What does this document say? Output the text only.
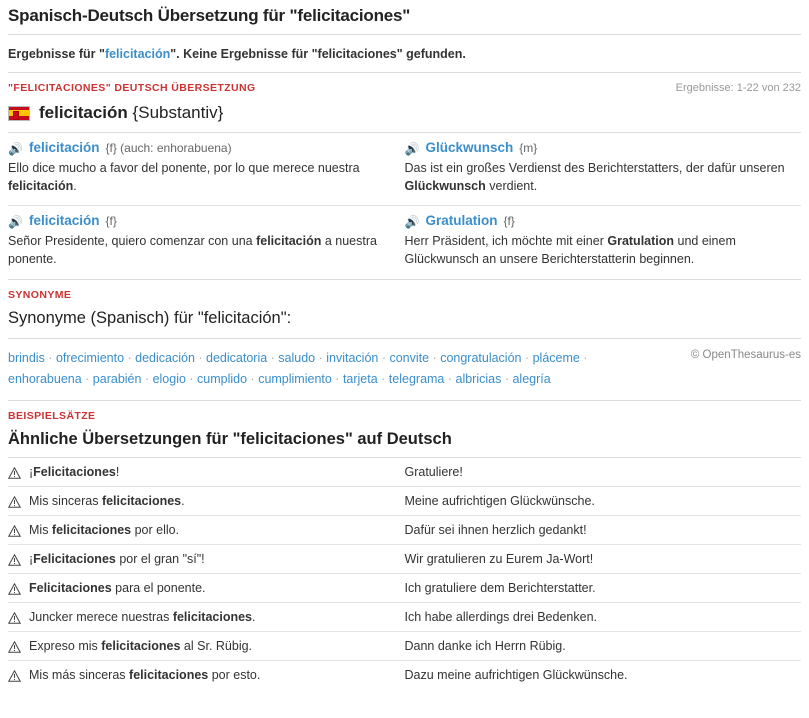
Spanisch-Deutsch Übersetzung für "felicitaciones"
Ergebnisse für "felicitación". Keine Ergebnisse für "felicitaciones" gefunden.
"FELICITACIONES" DEUTSCH ÜBERSETZUNG	Ergebnisse: 1-22 von 232
felicitación {Substantiv}
🔊 felicitación {f} (auch: enhorabuena)
Ello dice mucho a favor del ponente, por lo que merece nuestra felicitación.

🔊 Glückwunsch {m}
Das ist ein großes Verdienst des Berichterstatters, der dafür unseren Glückwunsch verdient.

🔊 felicitación {f}
Señor Presidente, quiero comenzar con una felicitación a nuestra ponente.

🔊 Gratulation {f}
Herr Präsident, ich möchte mit einer Gratulation und einem Glückwunsch an unsere Berichterstatterin beginnen.
SYNONYME
Synonyme (Spanisch) für "felicitación":
brindis · ofrecimiento · dedicación · dedicatoria · saludo · invitación · convite · congratulación · pláceme · enhorabuena · parabién · elogio · cumplido · cumplimiento · tarjeta · telegrama · albricias · alegría
© OpenThesaurus-es
BEISPIELSÄTZE
Ähnliche Übersetzungen für "felicitaciones" auf Deutsch
¡Felicitaciones!	Gratuliere!

Mis sinceras felicitaciones.	Meine aufrichtigen Glückwünsche.

Mis felicitaciones por ello.	Dafür sei ihnen herzlich gedankt!

¡Felicitaciones por el gran "sí"!	Wir gratulieren zu Eurem Ja-Wort!

Felicitaciones para el ponente.	Ich gratuliere dem Berichterstatter.

Juncker merece nuestras felicitaciones.	Ich habe allerdings drei Bedenken.

Expreso mis felicitaciones al Sr. Rübig.	Dann danke ich Herrn Rübig.

Mis más sinceras felicitaciones por esto.	Dazu meine aufrichtigen Glückwünsche.
